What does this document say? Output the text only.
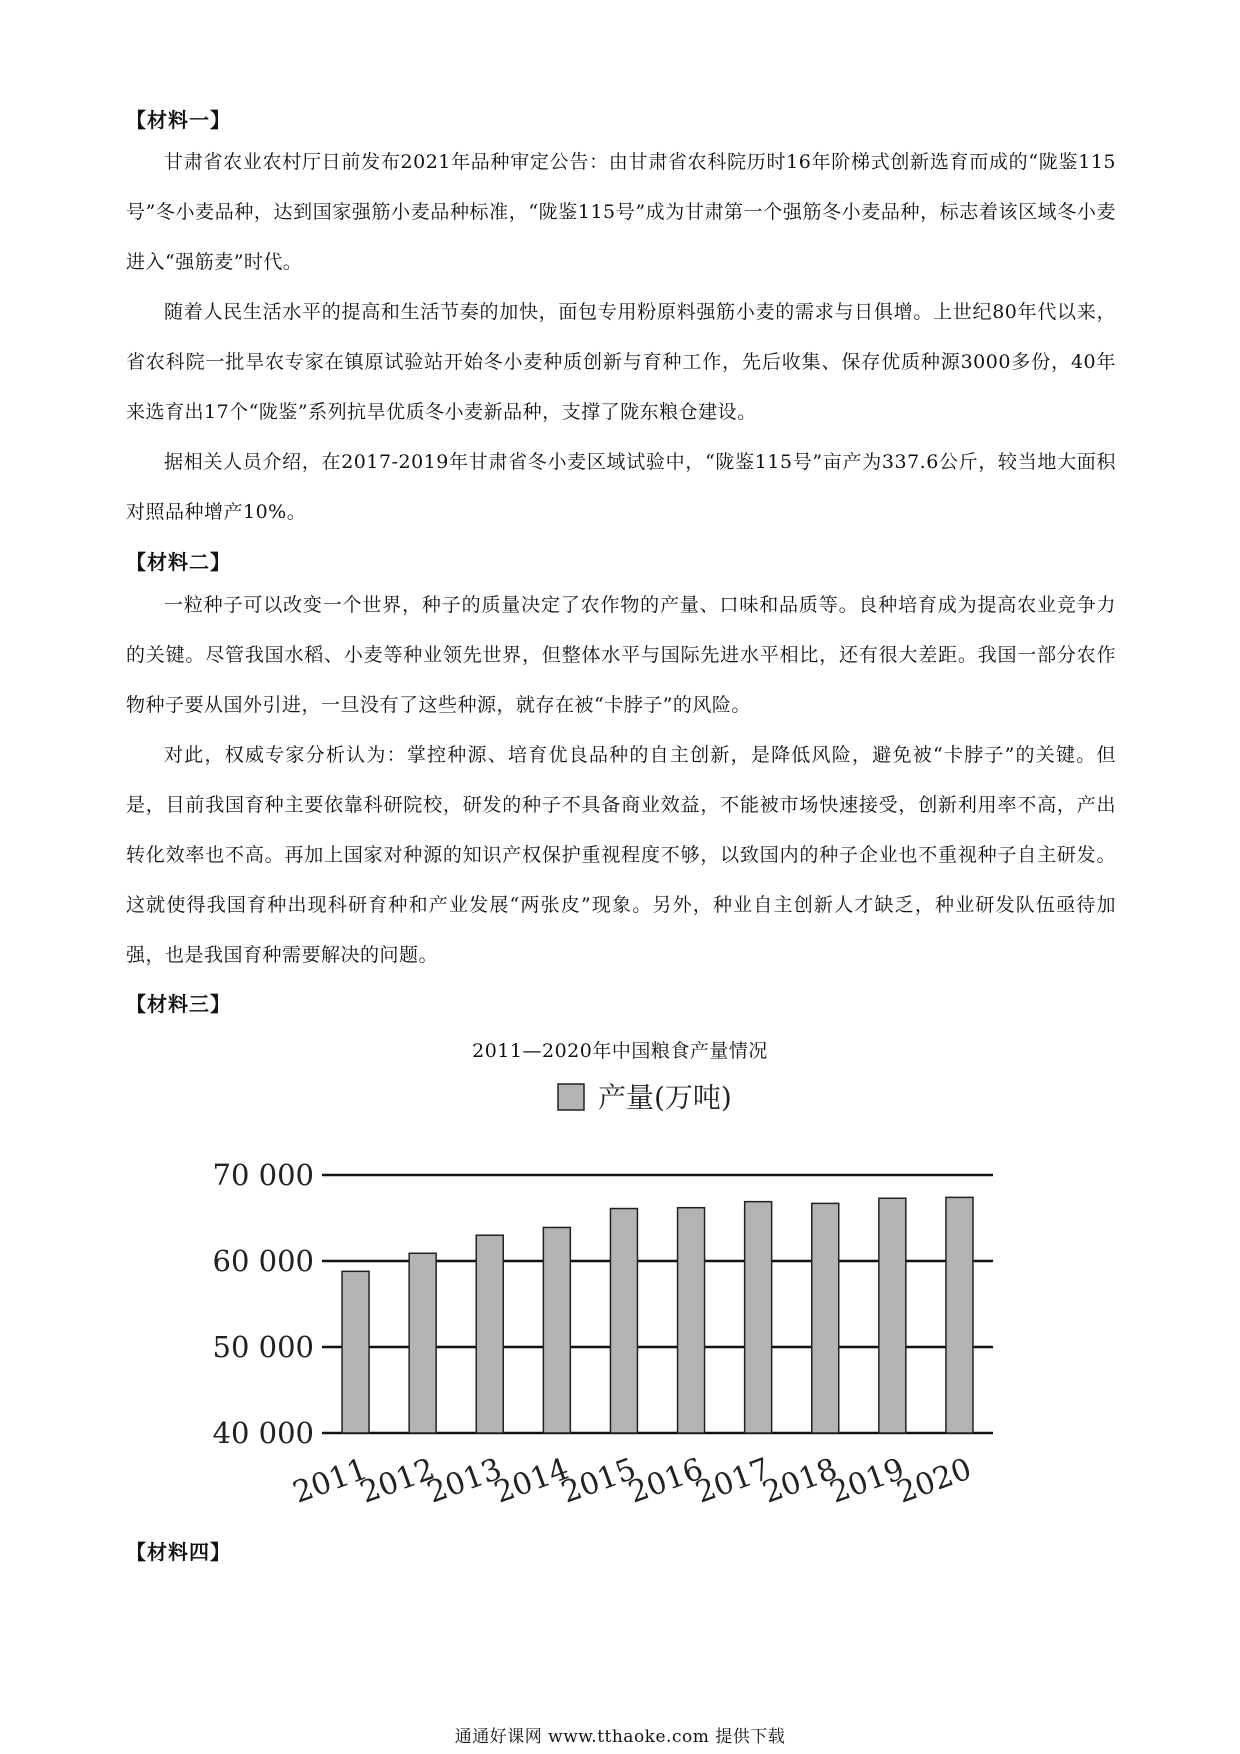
【材料一】
甘肃省农业农村厅日前发布2021年品种审定公告：由甘肃省农科院历时16年阶梯式创新选育而成的“陇鉴115号”冬小麦品种，达到国家强筋小麦品种标准，“陇鉴115号”成为甘肃第一个强筋冬小麦品种，标志着该区域冬小麦进入“强筋麦”时代。
随着人民生活水平的提高和生活节奏的加快，面包专用粉原料强筋小麦的需求与日俱增。上世纪80年代以来，省农科院一批旱农专家在镇原试验站开始冬小麦种质创新与育种工作，先后收集、保存优质种源3000多份，40年来选育出17个“陇鉴”系列抗旱优质冬小麦新品种，支撑了陇东粮仓建设。
据相关人员介绍，在2017-2019年甘肃省冬小麦区域试验中，“陇鉴115号”亩产为337.6公斤，较当地大面积对照品种增产10%。
【材料二】
一粒种子可以改变一个世界，种子的质量决定了农作物的产量、口味和品质等。良种培育成为提高农业竞争力的关键。尽管我国水稻、小麦等种业领先世界，但整体水平与国际先进水平相比，还有很大差距。我国一部分农作物种子要从国外引进，一旦没有了这些种源，就存在被“卡脖子”的风险。
对此，权威专家分析认为：掌控种源、培育优良品种的自主创新，是降低风险，避免被“卡脖子”的关键。但是，目前我国育种主要依靠科研院校，研发的种子不具备商业效益，不能被市场快速接受，创新利用率不高，产出转化效率也不高。再加上国家对种源的知识产权保护重视程度不够，以致国内的种子企业也不重视种子自主研发。这就使得我国育种出现科研育种和产业发展“两张皮”现象。另外，种业自主创新人才缺乏，种业研发队伍亟待加强，也是我国育种需要解决的问题。
【材料三】
2011—2020年中国粮食产量情况
产量(万吨)
40 000
50 000
60 000
70 000
2011
2012
2013
2014
2015
2016
2017
2018
2019
2020
【材料四】
通通好课网 www.tthaoke.com 提供下载
